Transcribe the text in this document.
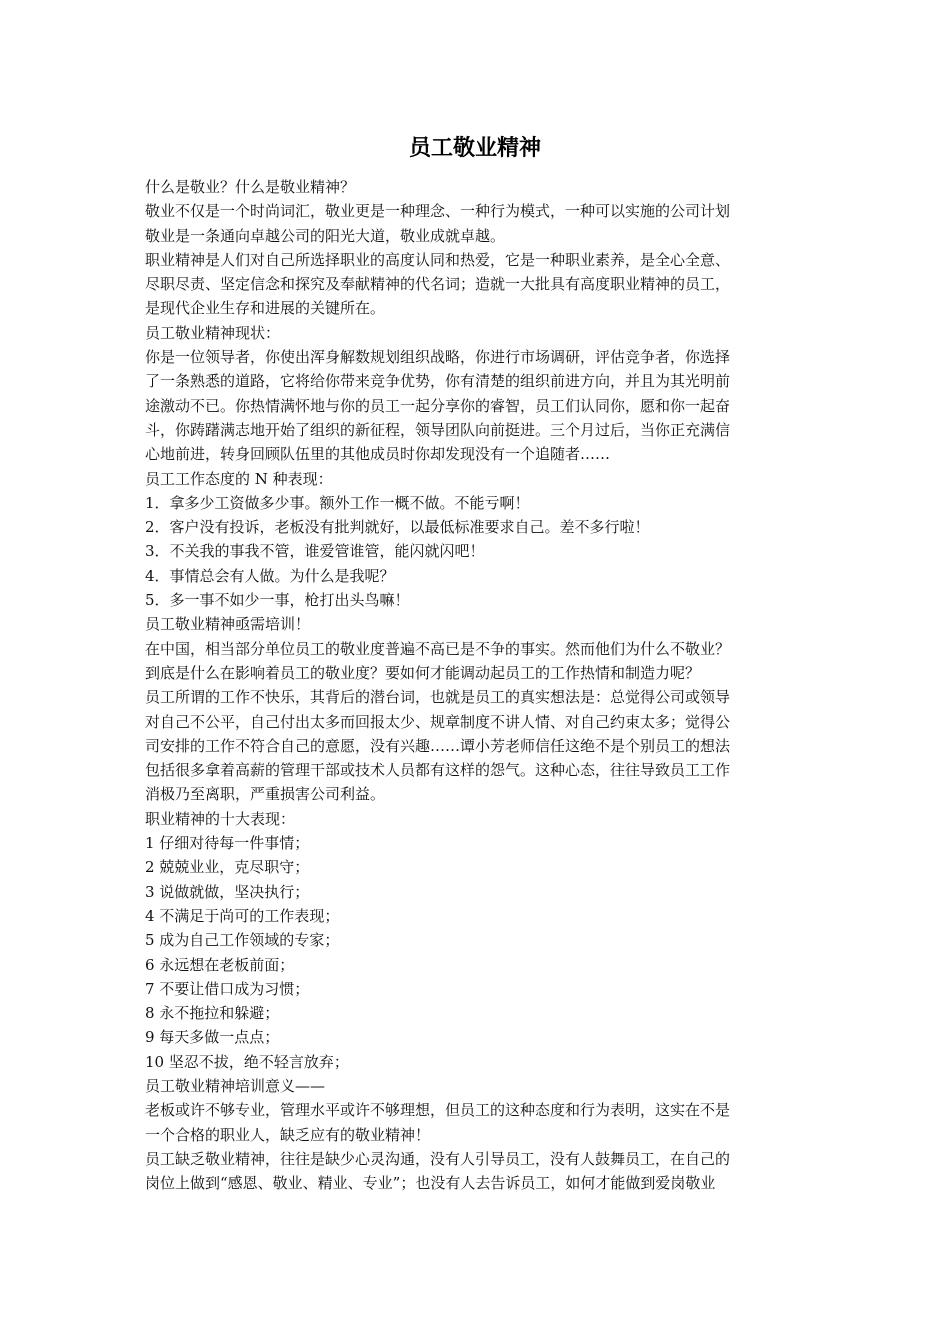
员工敬业精神
什么是敬业？什么是敬业精神？
敬业不仅是一个时尚词汇，敬业更是一种理念、一种行为模式，一种可以实施的公司计划
敬业是一条通向卓越公司的阳光大道，敬业成就卓越。
职业精神是人们对自己所选择职业的高度认同和热爱，它是一种职业素养，是全心全意、
尽职尽责、坚定信念和探究及奉献精神的代名词；造就一大批具有高度职业精神的员工，
是现代企业生存和进展的关键所在。
员工敬业精神现状：
你是一位领导者，你使出浑身解数规划组织战略，你进行市场调研，评估竞争者，你选择
了一条熟悉的道路，它将给你带来竞争优势，你有清楚的组织前进方向，并且为其光明前
途激动不已。你热情满怀地与你的员工一起分享你的睿智，员工们认同你，愿和你一起奋
斗，你踌躇满志地开始了组织的新征程，领导团队向前挺进。三个月过后，当你正充满信
心地前进，转身回顾队伍里的其他成员时你却发现没有一个追随者……
员工工作态度的 N 种表现：
1．拿多少工资做多少事。额外工作一概不做。不能亏啊！
2．客户没有投诉，老板没有批判就好，以最低标准要求自己。差不多行啦！
3．不关我的事我不管，谁爱管谁管，能闪就闪吧！
4．事情总会有人做。为什么是我呢？
5．多一事不如少一事，枪打出头鸟嘛！
员工敬业精神亟需培训！
在中国，相当部分单位员工的敬业度普遍不高已是不争的事实。然而他们为什么不敬业？
到底是什么在影响着员工的敬业度？要如何才能调动起员工的工作热情和制造力呢？
员工所谓的工作不快乐，其背后的潜台词，也就是员工的真实想法是：总觉得公司或领导
对自己不公平，自己付出太多而回报太少、规章制度不讲人情、对自己约束太多；觉得公
司安排的工作不符合自己的意愿，没有兴趣……谭小芳老师信任这绝不是个别员工的想法
包括很多拿着高薪的管理干部或技术人员都有这样的怨气。这种心态，往往导致员工工作
消极乃至离职，严重损害公司利益。
职业精神的十大表现：
1 仔细对待每一件事情；
2 兢兢业业，克尽职守；
3 说做就做，坚决执行；
4 不满足于尚可的工作表现；
5 成为自己工作领域的专家；
6 永远想在老板前面；
7 不要让借口成为习惯；
8 永不拖拉和躲避；
9 每天多做一点点；
10 坚忍不拔，绝不轻言放弃；
员工敬业精神培训意义——
老板或许不够专业，管理水平或许不够理想，但员工的这种态度和行为表明，这实在不是
一个合格的职业人，缺乏应有的敬业精神！
员工缺乏敬业精神，往往是缺少心灵沟通，没有人引导员工，没有人鼓舞员工，在自己的
岗位上做到“感恩、敬业、精业、专业”；也没有人去告诉员工，如何才能做到爱岗敬业
